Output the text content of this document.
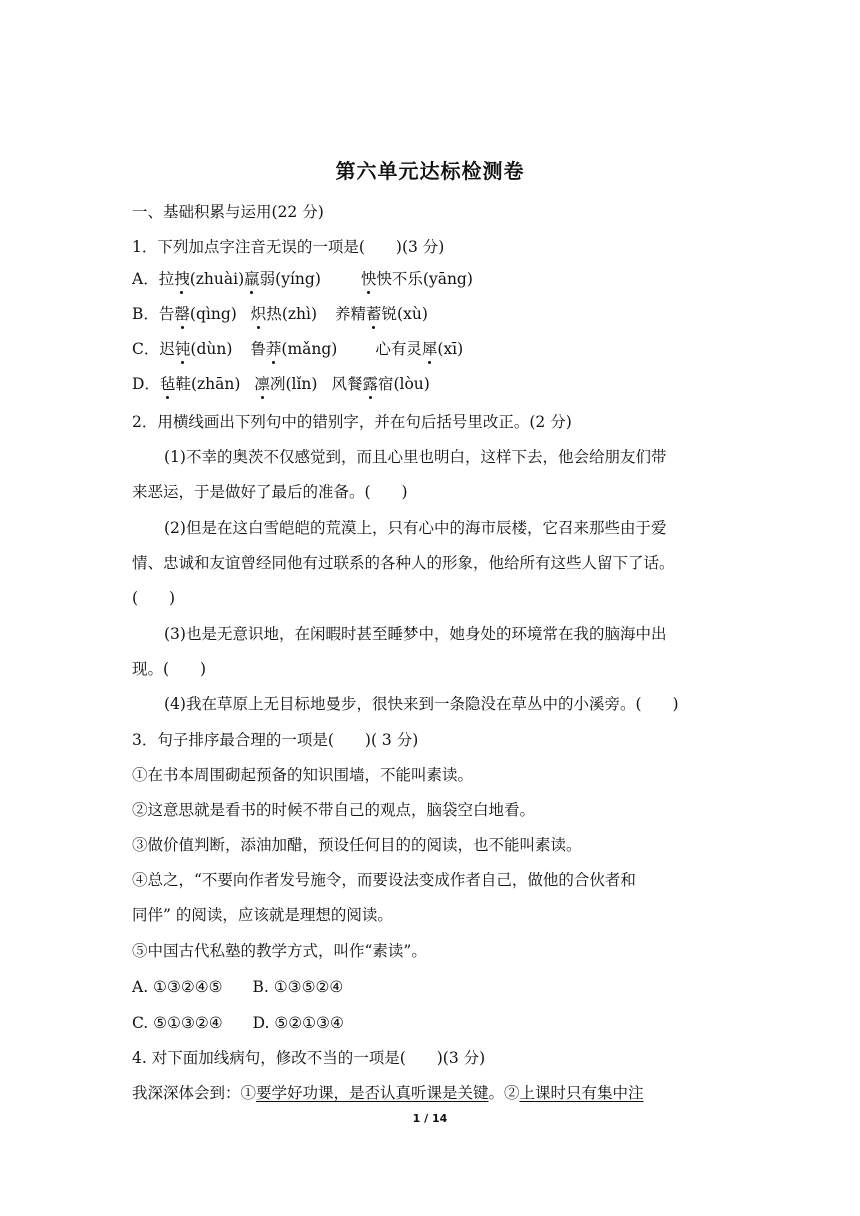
第六单元达标检测卷
一、基础积累与运用(22 分)
1．下列加点字注音无误的一项是(　　)(3 分)
A．拉拽(zhuài)羸弱(yíng)	怏怏不乐(yāng)
B．告罄(qìng) 炽热(zhì) 养精蓄锐(xù)
C．迟钝(dùn) 鲁莽(mǎng) 心有灵犀(xī)
D．毡鞋(zhān) 凛冽(lǐn) 风餐露宿(lòu)
2．用横线画出下列句中的错别字，并在句后括号里改正。(2 分)
(1)不幸的奥茨不仅感觉到，而且心里也明白，这样下去，他会给朋友们带
来恶运，于是做好了最后的准备。(　　)
(2)但是在这白雪皑皑的荒漠上，只有心中的海市辰楼，它召来那些由于爱
情、忠诚和友谊曾经同他有过联系的各种人的形象，他给所有这些人留下了话。
(　　)
(3)也是无意识地，在闲暇时甚至睡梦中，她身处的环境常在我的脑海中出
现。(　　)
(4)我在草原上无目标地曼步，很快来到一条隐没在草丛中的小溪旁。(　　)
3．句子排序最合理的一项是(　　)( 3 分)
①在书本周围砌起预备的知识围墙，不能叫素读。
②这意思就是看书的时候不带自己的观点，脑袋空白地看。
③做价值判断，添油加醋，预设任何目的的阅读，也不能叫素读。
④总之，“不要向作者发号施令，而要设法变成作者自己，做他的合伙者和
同伴” 的阅读，应该就是理想的阅读。
⑤中国古代私塾的教学方式，叫作“素读”。
A. ①③②④⑤ B. ①③⑤②④
C. ⑤①③②④ D. ⑤②①③④
4. 对下面加线病句，修改不当的一项是(　　)(3 分)
我深深体会到：①要学好功课，是否认真听课是关键。②上课时只有集中注
1 / 14
